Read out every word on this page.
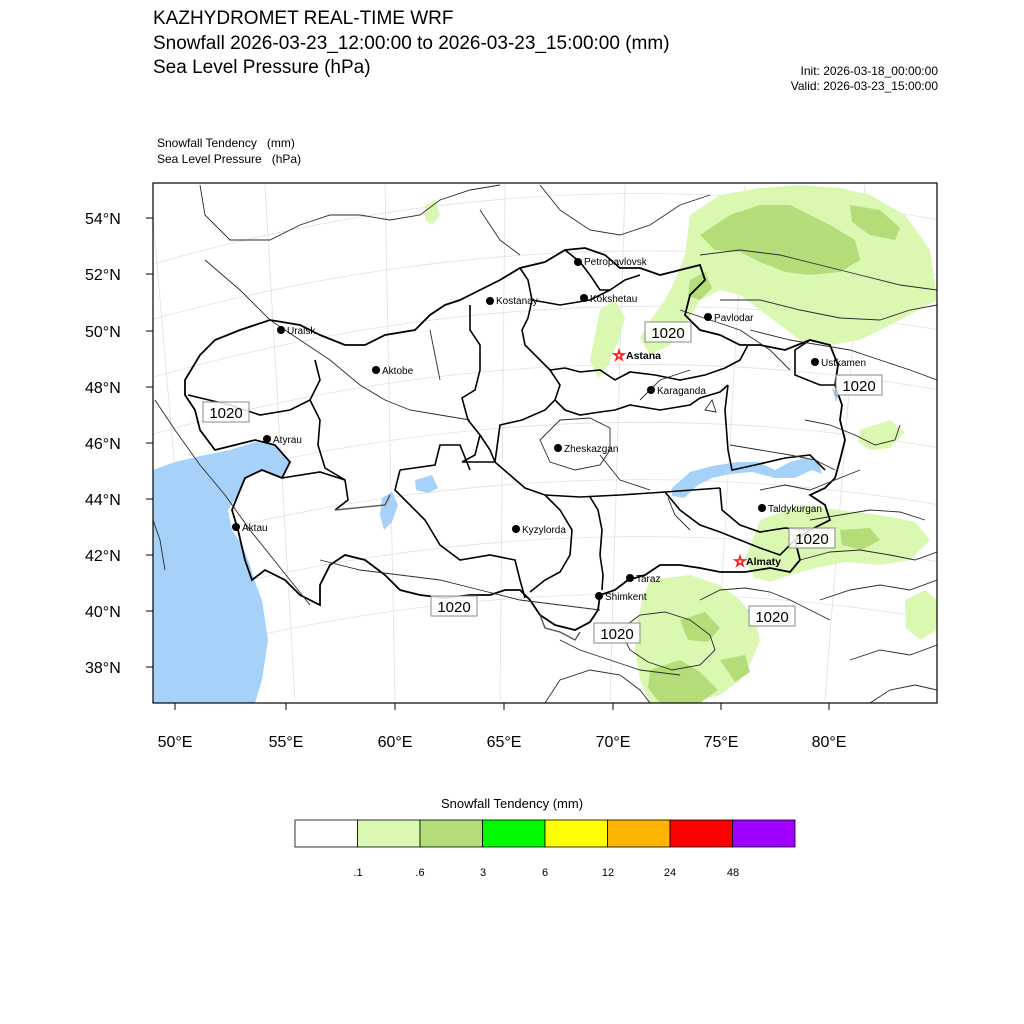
KAZHYDROMET REAL-TIME WRF
Snowfall 2026-03-23_12:00:00 to 2026-03-23_15:00:00 (mm)
Sea Level Pressure (hPa)	Init: 2026-03-18_00:00:00
Valid: 2026-03-23_15:00:00
Snowfall Tendency   (mm)
Sea Level Pressure   (hPa)
54°N
52°N
50°N
48°N
46°N
44°N
42°N
40°N
38°N
50°E	55°E	60°E	65°E	70°E	75°E	80°E
1020
1020
1020
1020
1020
1020
1020
Petropavlovsk
Kostanay	Kokshetau
Uralsk
Pavlodar
☆ Astana
Ustkamen
Aktobe
Karaganda
Atyrau
Zheskazgan
Taldykurgan
Aktau	Kyzylorda
☆ Almaty
Taraz
Shimkent
Snowfall Tendency (mm)
.1	.6	3	6	12	24	48
